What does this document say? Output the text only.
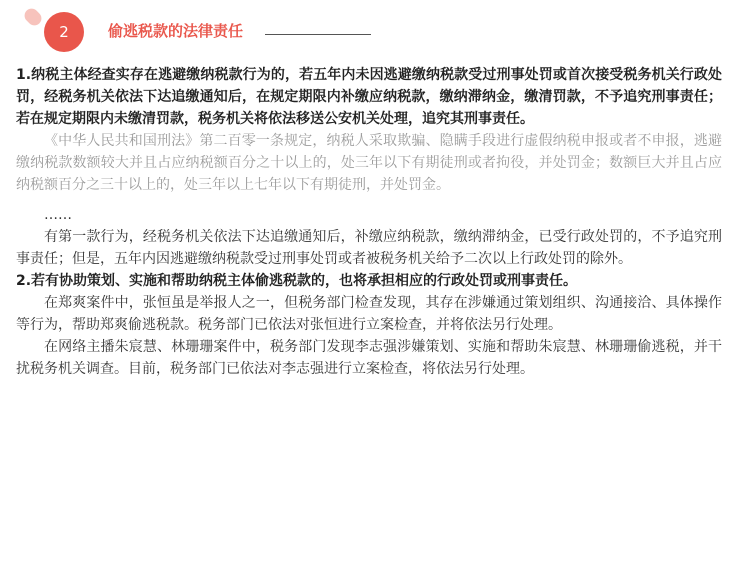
2	偷逃税款的法律责任

1.纳税主体经查实存在逃避缴纳税款行为的，若五年内未因逃避缴纳税款受过刑事处罚或首次接受税务机关行政处罚，经税务机关依法下达追缴通知后，在规定期限内补缴应纳税款，缴纳滞纳金，缴清罚款，不予追究刑事责任；若在规定期限内未缴清罚款，税务机关将依法移送公安机关处理，追究其刑事责任。

《中华人民共和国刑法》第二百零一条规定，纳税人采取欺骗、隐瞒手段进行虚假纳税申报或者不申报，逃避缴纳税款数额较大并且占应纳税额百分之十以上的，处三年以下有期徒刑或者拘役，并处罚金；数额巨大并且占应纳税额百分之三十以上的，处三年以上七年以下有期徒刑，并处罚金。

……

有第一款行为，经税务机关依法下达追缴通知后，补缴应纳税款，缴纳滞纳金，已受行政处罚的，不予追究刑事责任；但是，五年内因逃避缴纳税款受过刑事处罚或者被税务机关给予二次以上行政处罚的除外。

2.若有协助策划、实施和帮助纳税主体偷逃税款的，也将承担相应的行政处罚或刑事责任。

在郑爽案件中，张恒虽是举报人之一，但税务部门检查发现，其存在涉嫌通过策划组织、沟通接洽、具体操作等行为，帮助郑爽偷逃税款。税务部门已依法对张恒进行立案检查，并将依法另行处理。

在网络主播朱宸慧、林珊珊案件中，税务部门发现李志强涉嫌策划、实施和帮助朱宸慧、林珊珊偷逃税，并干扰税务机关调查。目前，税务部门已依法对李志强进行立案检查，将依法另行处理。
